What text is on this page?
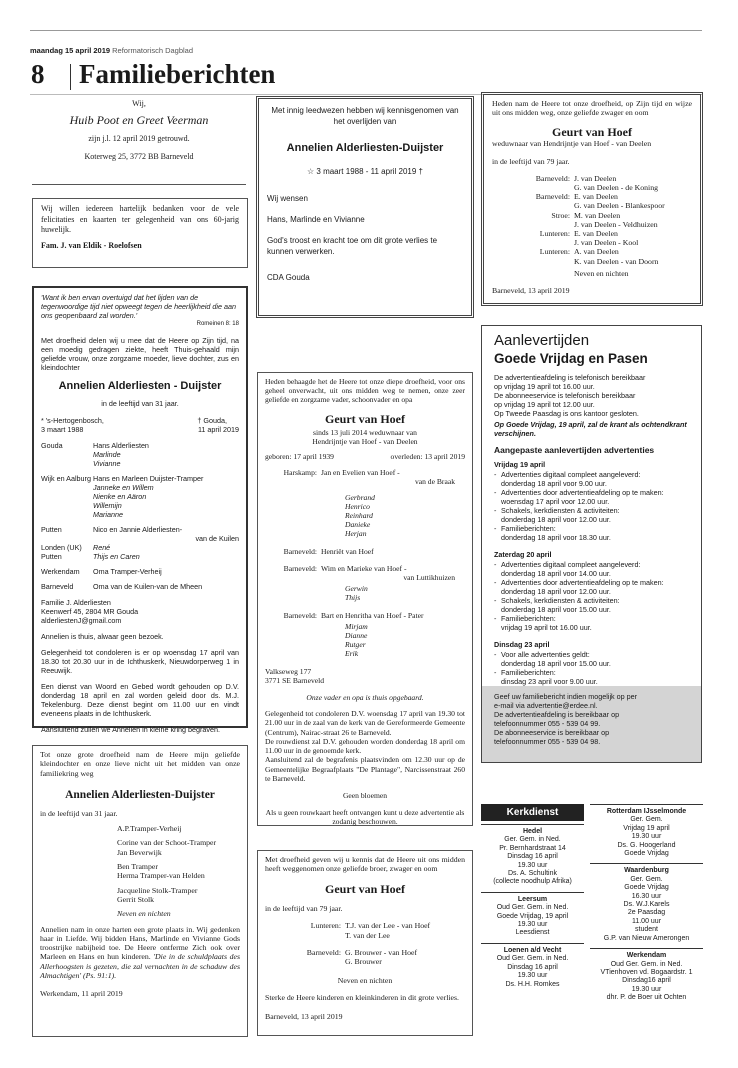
maandag 15 april 2019 Reformatorisch Dagblad
8 Familieberichten

Wij,

Huib Poot en Greet Veerman

zijn j.l. 12 april 2019 getrouwd.

Koterweg 25, 3772 BB Barneveld

Wij willen iedereen hartelijk bedanken voor de vele felicitaties en kaarten ter gelegenheid van ons 60-jarig huwelijk.

Fam. J. van Eldik - Roelofsen

'Want ik ben ervan overtuigd dat het lijden van de tegenwoordige tijd niet opweegt tegen de heerlijkheid die aan ons geopenbaard zal worden.'

Romeinen 8: 18

Met droefheid delen wij u mee dat de Heere op Zijn tijd, na een moedig gedragen ziekte, heeft Thuis-gehaald mijn geliefde vrouw, onze zorgzame moeder, lieve dochter, zus en kleindochter

Annelien Alderliesten - Duijster

in de leeftijd van 31 jaar.

* 's-Hertogenbosch,	† Gouda,
3 maart 1988	11 april 2019
Gouda	Hans Alderliesten
Marlinde
Vivianne
Wijk en Aalburg Hans en Marleen Duijster-Tramper
Janneke en Willem
Nienke en Aäron
Willemijn
Marianne
Putten	Nico en Jannie Alderliesten-
van de Kuilen
Londen (UK)	René
Putten	Thijs en Caren
Werkendam	Oma Tramper-Verheij
Barneveld	Oma van de Kuilen-van de Mheen
Familie J. Alderliesten
Keenwerf 45, 2804 MR Gouda
alderliestenJ@gmail.com

Annelien is thuis, alwaar geen bezoek.

Gelegenheid tot condoleren is er op woensdag 17 april van 18.30 tot 20.30 uur in de Ichthuskerk, Nieuwdorperweg 1 in Reeuwijk.

Een dienst van Woord en Gebed wordt gehouden op D.V. donderdag 18 april en zal worden geleid door ds. M.J. Tekelenburg. Deze dienst begint om 11.00 uur en vindt eveneens plaats in de Ichthuskerk.

Aansluitend zullen we Annelien in kleine kring begraven.

Tot onze grote droefheid nam de Heere mijn geliefde kleindochter en onze lieve nicht uit het midden van onze familiekring weg

Annelien Alderliesten-Duijster

in de leeftijd van 31 jaar.

A.P.Tramper-Verheij
Corine van der Schoot-Tramper
Jan Beverwijk
Ben Tramper
Herma Tramper-van Helden
Jacqueline Stolk-Tramper
Gerrit Stolk

Neven en nichten

Annelien nam in onze harten een grote plaats in. Wij gedenken haar in Liefde. Wij bidden Hans, Marlinde en Vivianne Gods troostrijke nabijheid toe. De Heere ontferme Zich ook over Marleen en Hans en hun kinderen. 'Die in de schuldplaats des Allerhoogsten is gezeten, die zal vernachten in de schaduw des Almachtigen' (Ps. 91:1).

Werkendam, 11 april 2019

Met innig leedwezen hebben wij kennisgenomen van het overlijden van

Annelien Alderliesten-Duijster

☆ 3 maart 1988 - 11 april 2019 †

Wij wensen

Hans, Marlinde en Vivianne

God's troost en kracht toe om dit grote verlies te kunnen verwerken.

CDA Gouda

Heden behaagde het de Heere tot onze diepe droefheid, voor ons geheel onverwacht, uit ons midden weg te nemen, onze zeer geliefde en zorgzame vader, schoonvader en opa

Geurt van Hoef

sinds 13 juli 2014 weduwnaar van

Hendrijntje van Hoef - van Deelen

geboren: 17 april 1939	overleden: 13 april 2019
Harskamp: Jan en Evelien van Hoef -
van de Braak
Gerbrand
Henrico
Reinhard
Danieke
Herjan
Barneveld: Henriët van Hoef
Barneveld: Wim en Marieke van Hoef -
van Luttikhuizen
Gerwin
Thijs
Barneveld: Bart en Henritha van Hoef - Pater
Mirjam
Dianne
Rutger
Erik
Valkseweg 177
3771 SE Barneveld

Onze vader en opa is thuis opgebaard.

Gelegenheid tot condoleren D.V. woensdag 17 april van 19.30 tot 21.00 uur in de zaal van de kerk van de Gereformeerde Gemeente (Centrum), Nairac-straat 26 te Barneveld.

De rouwdienst zal D.V. gehouden worden donderdag 18 april om 11.00 uur in de genoemde kerk.

Aansluitend zal de begrafenis plaatsvinden om 12.30 uur op de Gemeentelijke Begraafplaats "De Plantage", Narcissenstraat 260 te Barneveld.

Geen bloemen

Als u geen rouwkaart heeft ontvangen kunt u deze advertentie als zodanig beschouwen.

Met droefheid geven wij u kennis dat de Heere uit ons midden heeft weggenomen onze geliefde broer, zwager en oom

Geurt van Hoef

in de leeftijd van 79 jaar.

Lunteren: T.J. van der Lee - van Hoef
T. van der Lee
Barneveld: G. Brouwer - van Hoef
G. Brouwer

Neven en nichten

Sterke de Heere kinderen en kleinkinderen in dit grote verlies.

Barneveld, 13 april 2019

Heden nam de Heere tot onze droefheid, op Zijn tijd en wijze uit ons midden weg, onze geliefde zwager en oom

Geurt van Hoef

weduwnaar van Hendrijntje van Hoef - van Deelen

in de leeftijd van 79 jaar.

Barneveld: J. van Deelen
G. van Deelen - de Koning
Barneveld: E. van Deelen
G. van Deelen - Blankespoor
Stroe: M. van Deelen
J. van Deelen - Veldhuizen
Lunteren: E. van Deelen
J. van Deelen - Kool
Lunteren: A. van Deelen
K. van Deelen - van Doorn

Neven en nichten

Barneveld, 13 april 2019

Aanlevertijden

Goede Vrijdag en Pasen

De advertentieafdeling is telefonisch bereikbaar
op vrijdag 19 april tot 16.00 uur.
De abonneeservice is telefonisch bereikbaar
op vrijdag 19 april tot 12.00 uur.
Op Tweede Paasdag is ons kantoor gesloten.

Op Goede Vrijdag, 19 april, zal de krant als ochtendkrant verschijnen.

Aangepaste aanlevertijden advertenties

Vrijdag 19 april
- Advertenties digitaal compleet aangeleverd:
donderdag 18 april voor 9.00 uur.
- Advertenties door advertentieafdeling op te maken:
woensdag 17 april voor 12.00 uur.
- Schakels, kerkdiensten & activiteiten:
donderdag 18 april voor 12.00 uur.
- Familieberichten:
donderdag 18 april voor 18.30 uur.
Zaterdag 20 april
- Advertenties digitaal compleet aangeleverd:
donderdag 18 april voor 14.00 uur.
- Advertenties door advertentieafdeling op te maken:
donderdag 18 april voor 12.00 uur.
- Schakels, kerkdiensten & activiteiten:
donderdag 18 april voor 15.00 uur.
- Familieberichten:
vrijdag 19 april tot 16.00 uur.
Dinsdag 23 april
- Voor alle advertenties geldt:
donderdag 18 april voor 15.00 uur.
- Familieberichten:
dinsdag 23 april voor 9.00 uur.
Geef uw familiebericht indien mogelijk op per
e-mail via advertentie@erdee.nl.
De advertentieafdeling is bereikbaar op
telefoonnummer 055 - 539 04 99.
De abonneeservice is bereikbaar op
telefoonnummer 055 - 539 04 98.
Kerkdienst
Hedel
Ger. Gem. in Ned.
Pr. Bernhardstraat 14
Dinsdag 16 april
19.30 uur
Ds. A. Schultink
(collecte noodhulp Afrika)
Leersum
Oud Ger. Gem. in Ned.
Goede Vrijdag, 19 april
19.30 uur
Leesdienst
Loenen a/d Vecht
Oud Ger. Gem. in Ned.
Dinsdag 16 april
19.30 uur
Ds. H.H. Romkes
Rotterdam IJsselmonde
Ger. Gem.
Vrijdag 19 april
19.30 uur
Ds. G. Hoogerland
Goede Vrijdag
Waardenburg
Ger. Gem.
Goede Vrijdag
16.30 uur
Ds. W.J.Karels
2e Paasdag
11.00 uur
student
G.P. van Nieuw Amerongen
Werkendam
Oud Ger. Gem. in Ned.
VTienhoven vd. Bogaardstr. 1
Dinsdag16 april
19.30 uur
dhr. P. de Boer uit Ochten
